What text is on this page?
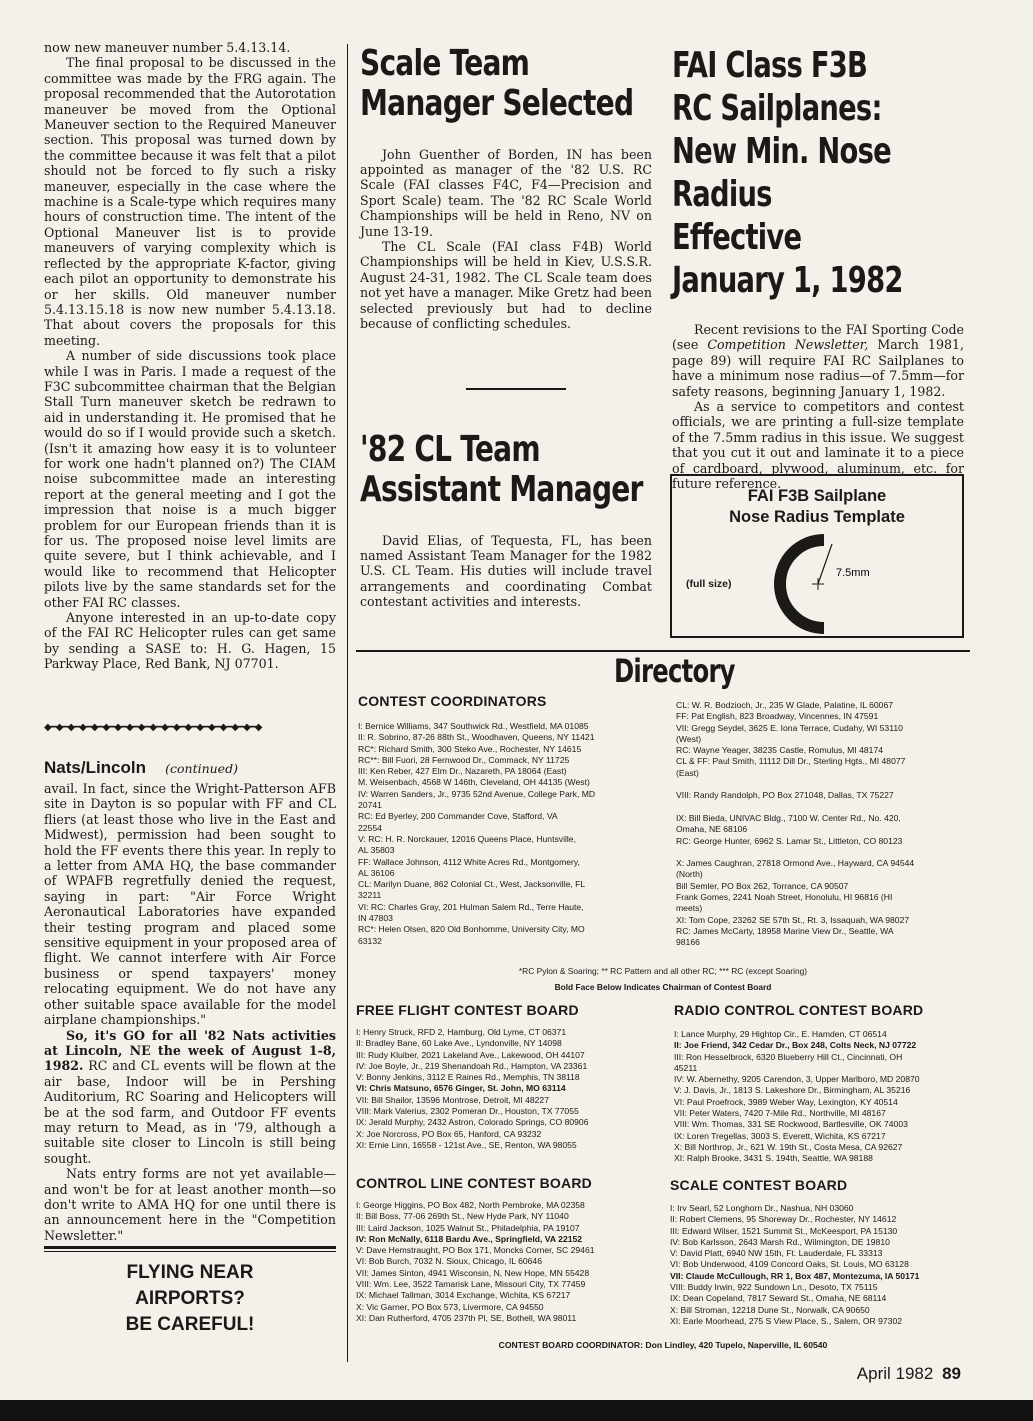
now new maneuver number 5.4.13.14.

The final proposal to be discussed in the committee was made by the FRG again. The proposal recommended that the Autorotation maneuver be moved from the Optional Maneuver section to the Required Maneuver section. This proposal was turned down by the committee because it was felt that a pilot should not be forced to fly such a risky maneuver, especially in the case where the machine is a Scale-type which requires many hours of construction time. The intent of the Optional Maneuver list is to provide maneuvers of varying complexity which is reflected by the appropriate K-factor, giving each pilot an opportunity to demonstrate his or her skills. Old maneuver number 5.4.13.15.18 is now new number 5.4.13.18. That about covers the proposals for this meeting.

A number of side discussions took place while I was in Paris. I made a request of the F3C subcommittee chairman that the Belgian Stall Turn maneuver sketch be redrawn to aid in understanding it. He promised that he would do so if I would provide such a sketch. (Isn't it amazing how easy it is to volunteer for work one hadn't planned on?) The CIAM noise subcommittee made an interesting report at the general meeting and I got the impression that noise is a much bigger problem for our European friends than it is for us. The proposed noise level limits are quite severe, but I think achievable, and I would like to recommend that Helicopter pilots live by the same standards set for the other FAI RC classes.

Anyone interested in an up-to-date copy of the FAI RC Helicopter rules can get same by sending a SASE to: H. G. Hagen, 15 Parkway Place, Red Bank, NJ 07701.

◆━◆━◆━◆━◆━◆━◆━◆━◆━◆━◆━◆━◆━◆━◆━◆━◆━◆━◆
Nats/Lincoln (continued)

avail. In fact, since the Wright-Patterson AFB site in Dayton is so popular with FF and CL fliers (at least those who live in the East and Midwest), permission had been sought to hold the FF events there this year. In reply to a letter from AMA HQ, the base commander of WPAFB regretfully denied the request, saying in part: "Air Force Wright Aeronautical Laboratories have expanded their testing program and placed some sensitive equipment in your proposed area of flight. We cannot interfere with Air Force business or spend taxpayers' money relocating equipment. We do not have any other suitable space available for the model airplane championships."

So, it's GO for all '82 Nats activities at Lincoln, NE the week of August 1-8, 1982. RC and CL events will be flown at the air base, Indoor will be in Pershing Auditorium, RC Soaring and Helicopters will be at the sod farm, and Outdoor FF events may return to Mead, as in '79, although a suitable site closer to Lincoln is still being sought.

Nats entry forms are not yet available—and won't be for at least another month—so don't write to AMA HQ for one until there is an announcement here in the "Competition Newsletter."

FLYING NEAR
AIRPORTS?
BE CAREFUL!
Scale Team
Manager Selected

John Guenther of Borden, IN has been appointed as manager of the '82 U.S. RC Scale (FAI classes F4C, F4—Precision and Sport Scale) team. The '82 RC Scale World Championships will be held in Reno, NV on June 13-19.

The CL Scale (FAI class F4B) World Championships will be held in Kiev, U.S.S.R. August 24-31, 1982. The CL Scale team does not yet have a manager. Mike Gretz had been selected previously but had to decline because of conflicting schedules.

'82 CL Team
Assistant Manager

David Elias, of Tequesta, FL, has been named Assistant Team Manager for the 1982 U.S. CL Team. His duties will include travel arrangements and coordinating Combat contestant activities and interests.

FAI Class F3B
RC Sailplanes:
New Min. Nose Radius
Effective
January 1, 1982

Recent revisions to the FAI Sporting Code (see Competition Newsletter, March 1981, page 89) will require FAI RC Sailplanes to have a minimum nose radius—of 7.5mm—for safety reasons, beginning January 1, 1982.

As a service to competitors and contest officials, we are printing a full-size template of the 7.5mm radius in this issue. We suggest that you cut it out and laminate it to a piece of cardboard, plywood, aluminum, etc. for future reference.

FAI F3B Sailplane
Nose Radius Template
(full size)
7.5mm
Directory
CONTEST COORDINATORS
I: Bernice Williams, 347 Southwick Rd., Westfield, MA 01085
II: R. Sobrino, 87-26 88th St., Woodhaven, Queens, NY 11421
RC*: Richard Smith, 300 Steko Ave., Rochester, NY 14615
RC**: Bill Fuori, 28 Fernwood Dr., Commack, NY 11725
III: Ken Reber, 427 Elm Dr., Nazareth, PA 18064 (East)
M. Weisenbach, 4568 W 146th, Cleveland, OH 44135 (West)
IV: Warren Sanders, Jr., 9735 52nd Avenue, College Park, MD
20741
RC: Ed Byerley, 200 Commander Cove, Stafford, VA
22554
V: RC: H. R. Norckauer, 12016 Queens Place, Huntsville,
AL 35803
FF: Wallace Johnson, 4112 White Acres Rd., Montgomery,
AL 36106
CL: Marilyn Duane, 862 Colonial Ct., West, Jacksonville, FL
32211
VI: RC: Charles Gray, 201 Hulman Salem Rd., Terre Haute,
IN 47803
RC*: Helen Olsen, 820 Old Bonhomme, University City, MO
63132
CL: W. R. Bodzioch, Jr., 235 W Glade, Palatine, IL 60067
FF: Pat English, 823 Broadway, Vincennes, IN 47591
VII: Gregg Seydel, 3625 E. Iona Terrace, Cudahy, WI 53110
(West)
RC: Wayne Yeager, 38235 Castle, Romulus, MI 48174
CL & FF: Paul Smith, 11112 Dill Dr., Sterling Hgts., MI 48077
(East)

VIII: Randy Randolph, PO Box 271048, Dallas, TX 75227

IX: Bill Bieda, UNIVAC Bldg., 7100 W. Center Rd., No. 420,
Omaha, NE 68106
RC: George Hunter, 6962 S. Lamar St., Littleton, CO 80123

X: James Caughran, 27818 Ormond Ave., Hayward, CA 94544
(North)
Bill Semler, PO Box 262, Torrance, CA 90507
Frank Gomes, 2241 Noah Street, Honolulu, HI 96816 (HI
meets)
XI: Tom Cope, 23262 SE 57th St., Rt. 3, Issaquah, WA 98027
RC: James McCarty, 18958 Marine View Dr., Seattle, WA
98166
*RC Pylon & Soaring; ** RC Pattern and all other RC; *** RC (except Soaring)
Bold Face Below Indicates Chairman of Contest Board
FREE FLIGHT CONTEST BOARD
I: Henry Struck, RFD 2, Hamburg, Old Lyme, CT 06371
II: Bradley Bane, 60 Lake Ave., Lyndonville, NY 14098
III: Rudy Kluiber, 2021 Lakeland Ave., Lakewood, OH 44107
IV: Joe Boyle, Jr., 219 Shenandoah Rd., Hampton, VA 23361
V: Bonny Jenkins, 3112 E Raines Rd., Memphis, TN 38118
VI: Chris Matsuno, 6576 Ginger, St. John, MO 63114
VII: Bill Shailor, 13596 Montrose, Detroit, MI 48227
VIII: Mark Valerius, 2302 Pomeran Dr., Houston, TX 77055
IX: Jerald Murphy, 2432 Astron, Colorado Springs, CO 80906
X: Joe Norcross, PO Box 65, Hanford, CA 93232
XI: Ernie Linn, 16558 - 121st Ave., SE, Renton, WA 98055
RADIO CONTROL CONTEST BOARD
I: Lance Murphy, 29 Hightop Cir., E. Hamden, CT 06514
II: Joe Friend, 342 Cedar Dr., Box 248, Colts Neck, NJ 07722
III: Ron Hesselbrock, 6320 Blueberry Hill Ct., Cincinnati, OH
45211
IV: W. Abernethy, 9205 Carendon, 3, Upper Marlboro, MD 20870
V: J. Davis, Jr., 1813 S. Lakeshore Dr., Birmingham, AL 35216
VI: Paul Proefrock, 3989 Weber Way, Lexington, KY 40514
VII: Peter Waters, 7420 7-Mile Rd., Northville, MI 48167
VIII: Wm. Thomas, 331 SE Rockwood, Bartlesville, OK 74003
IX: Loren Tregellas, 3003 S. Everett, Wichita, KS 67217
X: Bill Northrop, Jr., 621 W. 19th St., Costa Mesa, CA 92627
XI: Ralph Brooke, 3431 S. 194th, Seattle, WA 98188
CONTROL LINE CONTEST BOARD
I: George Higgins, PO Box 482, North Pembroke, MA 02358
II: Bill Boss, 77-06 269th St., New Hyde Park, NY 11040
III: Laird Jackson, 1025 Walnut St., Philadelphia, PA 19107
IV: Ron McNally, 6118 Bardu Ave., Springfield, VA 22152
V: Dave Hemstraught, PO Box 171, Moncks Corner, SC 29461
VI: Bob Burch, 7032 N. Sioux, Chicago, IL 60646
VII: James Sinton, 4941 Wisconsin, N, New Hope, MN 55428
VIII: Wm. Lee, 3522 Tamarisk Lane, Missouri City, TX 77459
IX: Michael Tallman, 3014 Exchange, Wichita, KS 67217
X: Vic Garner, PO Box 573, Livermore, CA 94550
XI: Dan Rutherford, 4705 237th Pl, SE, Bothell, WA 98011
SCALE CONTEST BOARD
I: Irv Searl, 52 Longhorn Dr., Nashua, NH 03060
II: Robert Clemens, 95 Shoreway Dr., Rochester, NY 14612
III: Edward Wilser, 1521 Summit St., McKeesport, PA 15130
IV: Bob Karlsson, 2643 Marsh Rd., Wilmington, DE 19810
V: David Platt, 6940 NW 15th, Ft. Lauderdale, FL 33313
VI: Bob Underwood, 4109 Concord Oaks, St. Louis, MO 63128
VII: Claude McCullough, RR 1, Box 487, Montezuma, IA 50171
VIII: Buddy Irwin, 922 Sundown Ln., Desoto, TX 75115
IX: Dean Copeland, 7817 Seward St., Omaha, NE 68114
X: Bill Stroman, 12218 Dune St., Norwalk, CA 90650
XI: Earle Moorhead, 275 S View Place, S., Salem, OR 97302
CONTEST BOARD COORDINATOR: Don Lindley, 420 Tupelo, Naperville, IL 60540
April 1982 89
